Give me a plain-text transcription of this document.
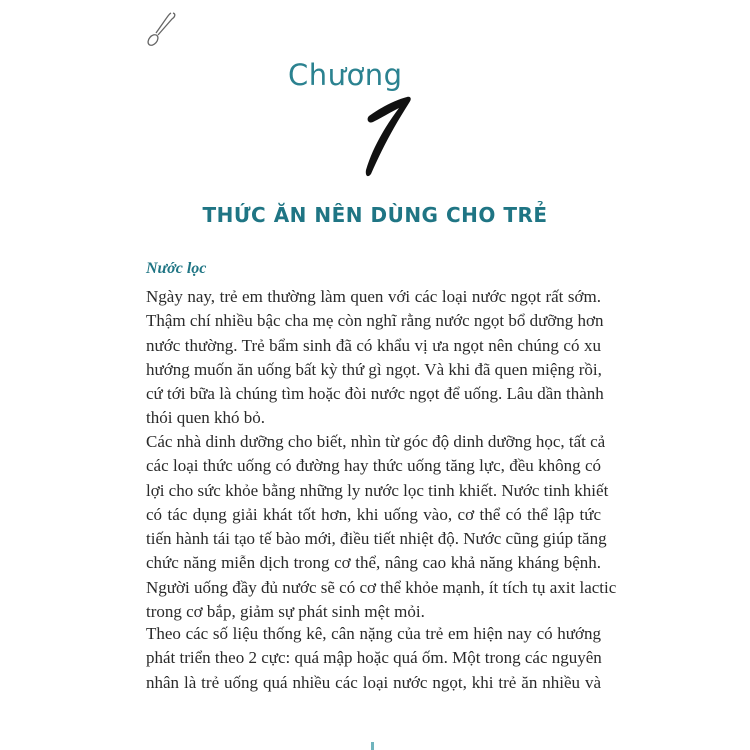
Chương
THỨC ĂN NÊN DÙNG CHO TRẺ
Nước lọc
Ngày nay, trẻ em thường làm quen với các loại nước ngọt rất sớm.
Thậm chí nhiều bậc cha mẹ còn nghĩ rằng nước ngọt bổ dưỡng hơn
nước thường. Trẻ bẩm sinh đã có khẩu vị ưa ngọt nên chúng có xu
hướng muốn ăn uống bất kỳ thứ gì ngọt. Và khi đã quen miệng rồi,
cứ tới bữa là chúng tìm hoặc đòi nước ngọt để uống. Lâu dần thành
thói quen khó bỏ.
Các nhà dinh dưỡng cho biết, nhìn từ góc độ dinh dưỡng học, tất cả
các loại thức uống có đường hay thức uống tăng lực, đều không có
lợi cho sức khỏe bằng những ly nước lọc tinh khiết. Nước tinh khiết
có tác dụng giải khát tốt hơn, khi uống vào, cơ thể có thể lập tức
tiến hành tái tạo tế bào mới, điều tiết nhiệt độ. Nước cũng giúp tăng
chức năng miễn dịch trong cơ thể, nâng cao khả năng kháng bệnh.
Người uống đầy đủ nước sẽ có cơ thể khỏe mạnh, ít tích tụ axit lactic
trong cơ bắp, giảm sự phát sinh mệt mỏi.
Theo các số liệu thống kê, cân nặng của trẻ em hiện nay có hướng
phát triển theo 2 cực: quá mập hoặc quá ốm. Một trong các nguyên
nhân là trẻ uống quá nhiều các loại nước ngọt, khi trẻ ăn nhiều và
